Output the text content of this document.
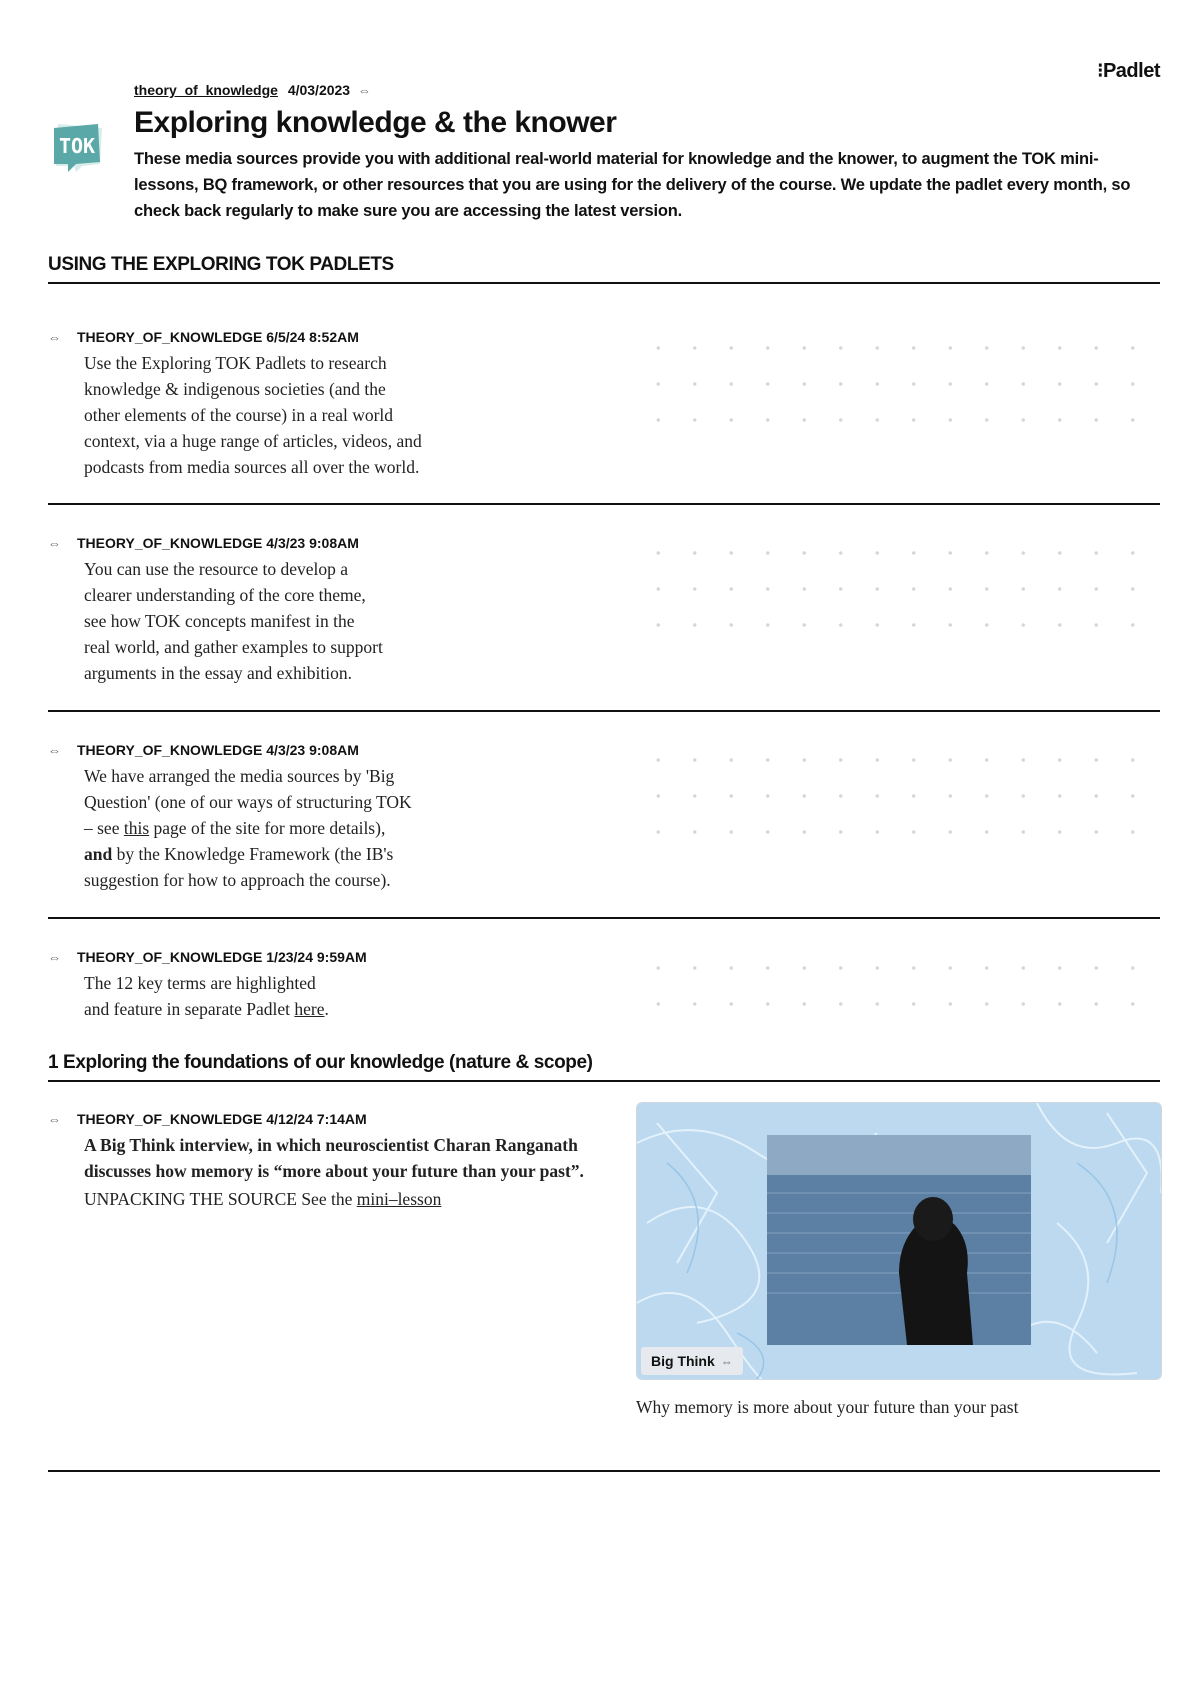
⁝Padlet
TOK
theory_of_knowledge 4/03/2023 ⇔
Exploring knowledge & the knower

These media sources provide you with additional real-world material for knowledge and the knower, to augment the TOK mini-lessons, BQ framework, or other resources that you are using for the delivery of the course. We update the padlet every month, so check back regularly to make sure you are accessing the latest version.

USING THE EXPLORING TOK PADLETS
⇔ THEORY_OF_KNOWLEDGE 6/5/24 8:52AM

Use the Exploring TOK Padlets to research

knowledge & indigenous societies (and the

other elements of the course) in a real world

context, via a huge range of articles, videos, and

podcasts from media sources all over the world.

⇔ THEORY_OF_KNOWLEDGE 4/3/23 9:08AM

You can use the resource to develop a

clearer understanding of the core theme,

see how TOK concepts manifest in the

real world, and gather examples to support

arguments in the essay and exhibition.

⇔ THEORY_OF_KNOWLEDGE 4/3/23 9:08AM

We have arranged the media sources by 'Big

Question' (one of our ways of structuring TOK

– see this page of the site for more details),

and by the Knowledge Framework (the IB's

suggestion for how to approach the course).

⇔ THEORY_OF_KNOWLEDGE 1/23/24 9:59AM

The 12 key terms are highlighted

and feature in separate Padlet here.

1 Exploring the foundations of our knowledge (nature & scope)
⇔ THEORY_OF_KNOWLEDGE 4/12/24 7:14AM

A Big Think interview, in which neuroscientist Charan Ranganath discusses how memory is “more about your future than your past”.

UNPACKING THE SOURCE See the mini–lesson

Big Think ⇔

Why memory is more about your future than your past
